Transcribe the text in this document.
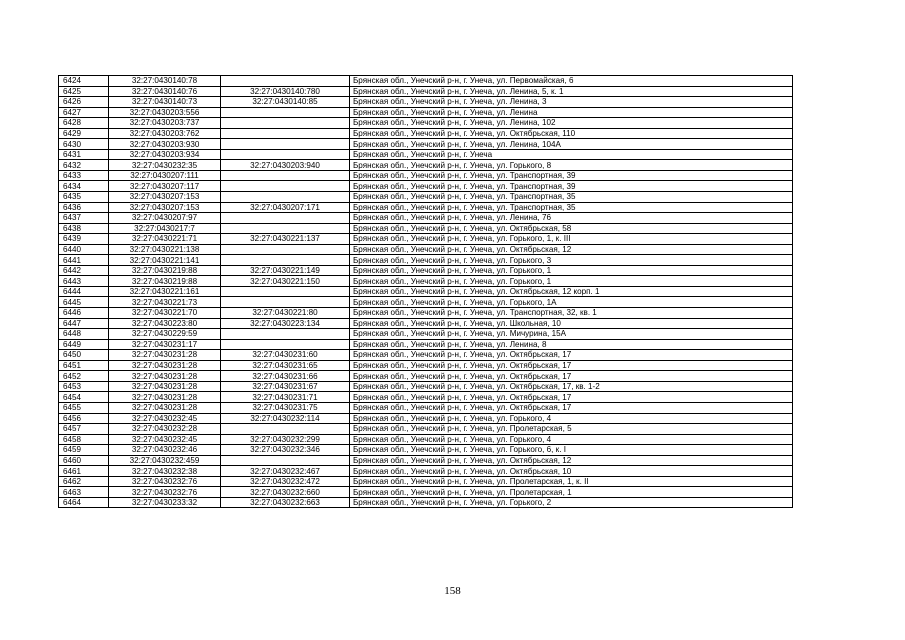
6424	32:27:0430140:78		Брянская обл., Унечский р-н, г. Унеча, ул. Первомайская, 6
6425	32:27:0430140:76	32:27:0430140:780	Брянская обл., Унечский р-н, г. Унеча, ул. Ленина, 5, к. 1
6426	32:27:0430140:73	32:27:0430140:85	Брянская обл., Унечский р-н, г. Унеча, ул. Ленина, 3
6427	32:27:0430203:556		Брянская обл., Унечский р-н, г. Унеча, ул. Ленина
6428	32:27:0430203:737		Брянская обл., Унечский р-н, г. Унеча, ул. Ленина, 102
6429	32:27:0430203:762		Брянская обл., Унечский р-н, г. Унеча, ул. Октябрьская, 110
6430	32:27:0430203:930		Брянская обл., Унечский р-н, г. Унеча, ул. Ленина, 104А
6431	32:27:0430203:934		Брянская обл., Унечский р-н, г. Унеча
6432	32:27:0430232:35	32:27:0430203:940	Брянская обл., Унечский р-н, г. Унеча, ул. Горького, 8
6433	32:27:0430207:111		Брянская обл., Унечский р-н, г. Унеча, ул. Транспортная, 39
6434	32:27:0430207:117		Брянская обл., Унечский р-н, г. Унеча, ул. Транспортная, 39
6435	32:27:0430207:153		Брянская обл., Унечский р-н, г. Унеча, ул. Транспортная, 35
6436	32:27:0430207:153	32:27:0430207:171	Брянская обл., Унечский р-н, г. Унеча, ул. Транспортная, 35
6437	32:27:0430207:97		Брянская обл., Унечский р-н, г. Унеча, ул. Ленина, 76
6438	32:27:0430217:7		Брянская обл., Унечский р-н, г. Унеча, ул. Октябрьская, 58
6439	32:27:0430221:71	32:27:0430221:137	Брянская обл., Унечский р-н, г. Унеча, ул. Горького, 1, к. III
6440	32:27:0430221:138		Брянская обл., Унечский р-н, г. Унеча, ул. Октябрьская, 12
6441	32:27:0430221:141		Брянская обл., Унечский р-н, г. Унеча, ул. Горького, 3
6442	32:27:0430219:88	32:27:0430221:149	Брянская обл., Унечский р-н, г. Унеча, ул. Горького, 1
6443	32:27:0430219:88	32:27:0430221:150	Брянская обл., Унечский р-н, г. Унеча, ул. Горького, 1
6444	32:27:0430221:161		Брянская обл., Унечский р-н, г. Унеча, ул. Октябрьская, 12 корп. 1
6445	32:27:0430221:73		Брянская обл., Унечский р-н, г. Унеча, ул. Горького, 1А
6446	32:27:0430221:70	32:27:0430221:80	Брянская обл., Унечский р-н, г. Унеча, ул. Транспортная, 32, кв. 1
6447	32:27:0430223:80	32:27:0430223:134	Брянская обл., Унечский р-н, г. Унеча, ул. Школьная, 10
6448	32:27:0430229:59		Брянская обл., Унечский р-н, г. Унеча, ул. Мичурина, 15А
6449	32:27:0430231:17		Брянская обл., Унечский р-н, г. Унеча, ул. Ленина, 8
6450	32:27:0430231:28	32:27:0430231:60	Брянская обл., Унечский р-н, г. Унеча, ул. Октябрьская, 17
6451	32:27:0430231:28	32:27:0430231:65	Брянская обл., Унечский р-н, г. Унеча, ул. Октябрьская, 17
6452	32:27:0430231:28	32:27:0430231:66	Брянская обл., Унечский р-н, г. Унеча, ул. Октябрьская, 17
6453	32:27:0430231:28	32:27:0430231:67	Брянская обл., Унечский р-н, г. Унеча, ул. Октябрьская, 17, кв. 1-2
6454	32:27:0430231:28	32:27:0430231:71	Брянская обл., Унечский р-н, г. Унеча, ул. Октябрьская, 17
6455	32:27:0430231:28	32:27:0430231:75	Брянская обл., Унечский р-н, г. Унеча, ул. Октябрьская, 17
6456	32:27:0430232:45	32:27:0430232:114	Брянская обл., Унечский р-н, г. Унеча, ул. Горького, 4
6457	32:27:0430232:28		Брянская обл., Унечский р-н, г. Унеча, ул. Пролетарская, 5
6458	32:27:0430232:45	32:27:0430232:299	Брянская обл., Унечский р-н, г. Унеча, ул. Горького, 4
6459	32:27:0430232:46	32:27:0430232:346	Брянская обл., Унечский р-н, г. Унеча, ул. Горького, 6, к. I
6460	32:27:0430232:459		Брянская обл., Унечский р-н, г. Унеча, ул. Октябрьская, 12
6461	32:27:0430232:38	32:27:0430232:467	Брянская обл., Унечский р-н, г. Унеча, ул. Октябрьская, 10
6462	32:27:0430232:76	32:27:0430232:472	Брянская обл., Унечский р-н, г. Унеча, ул. Пролетарская, 1, к. II
6463	32:27:0430232:76	32:27:0430232:660	Брянская обл., Унечский р-н, г. Унеча, ул. Пролетарская, 1
6464	32:27:0430233:32	32:27:0430232:663	Брянская обл., Унечский р-н, г. Унеча, ул. Горького, 2
158
